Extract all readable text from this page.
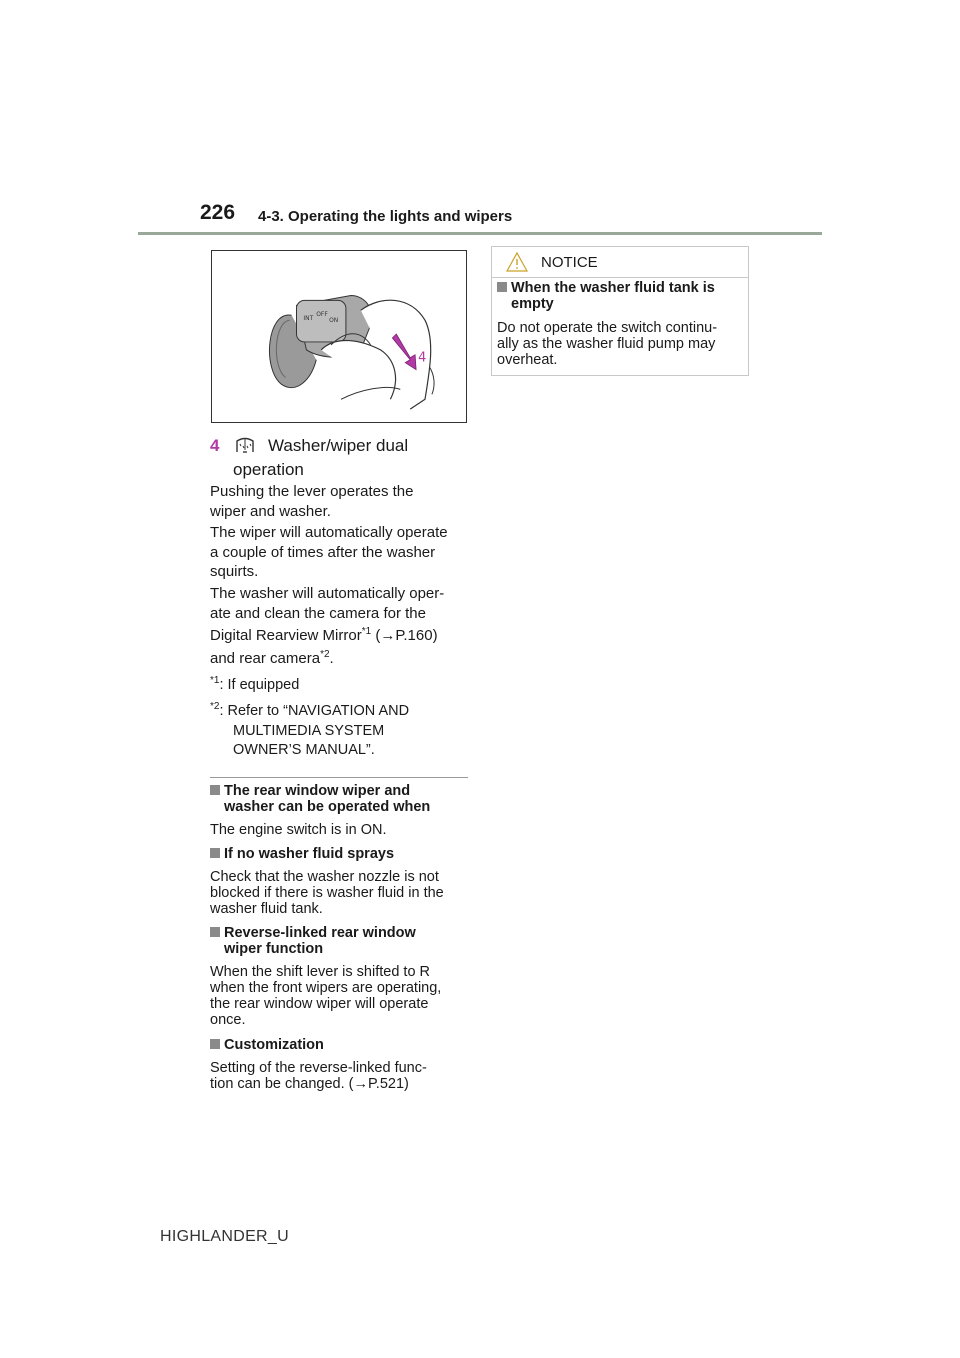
226 4-3. Operating the lights and wipers
INT
OFF
ON
4
4	Washer/wiper dual
operation
Pushing the lever operates the
wiper and washer.
The wiper will automatically operate
a couple of times after the washer
squirts.
The washer will automatically oper-
ate and clean the camera for the
Digital Rearview Mirror$^{*1}$ (→P.160)
and rear camera$^{*2}$.
$^{*1}$: If equipped
$^{*2}$: Refer to “NAVIGATION AND
MULTIMEDIA SYSTEM
OWNER’S MANUAL”.
The rear window wiper and
washer can be operated when
The engine switch is in ON.
If no washer fluid sprays
Check that the washer nozzle is not
blocked if there is washer fluid in the
washer fluid tank.
Reverse-linked rear window
wiper function
When the shift lever is shifted to R
when the front wipers are operating,
the rear window wiper will operate
once.
Customization
Setting of the reverse-linked func-
tion can be changed. (→P.521)
NOTICE
When the washer fluid tank is
empty
Do not operate the switch continu-
ally as the washer fluid pump may
overheat.
HIGHLANDER_U
